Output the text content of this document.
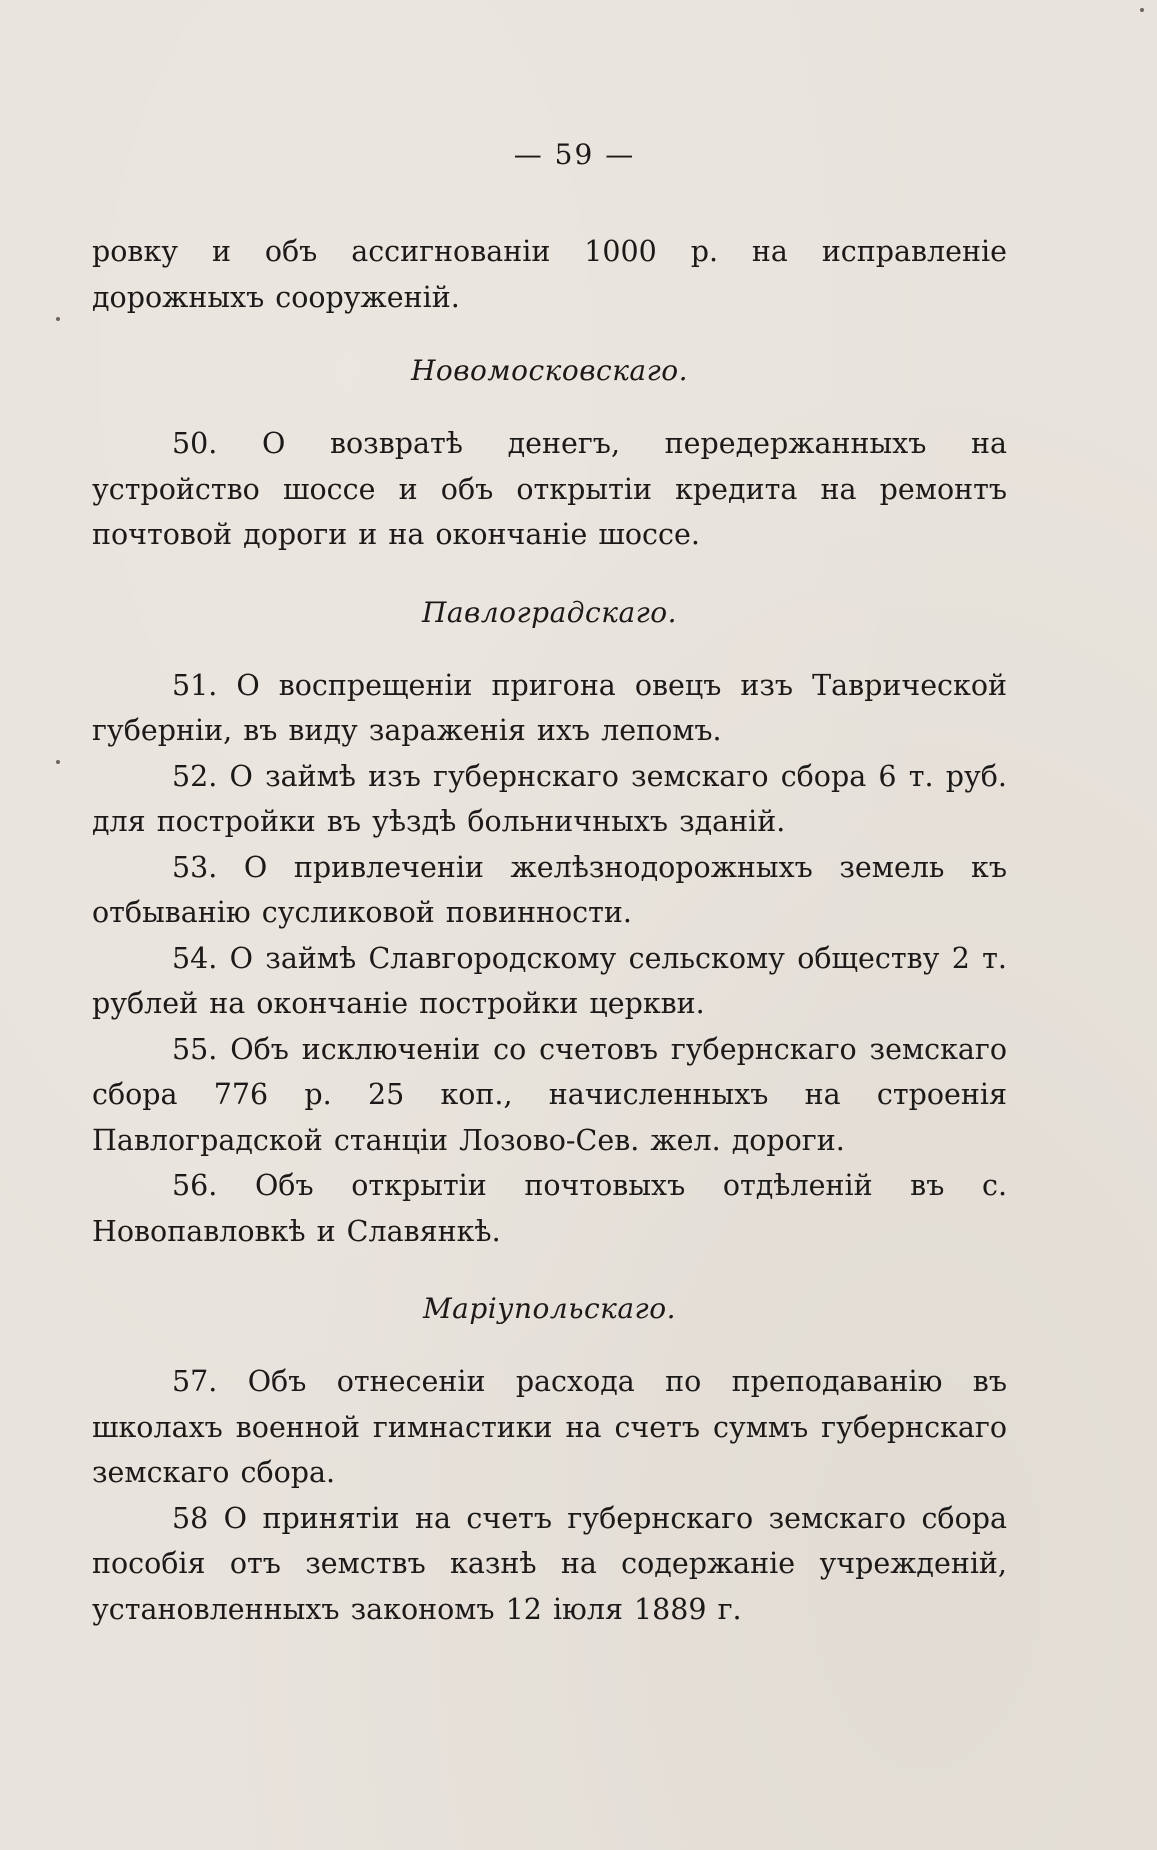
— 59 —

ровку и объ ассигнованіи 1000 р. на исправленіе дорожныхъ сооруженій.

Новомосковскаго.

50. О возвратѣ денегъ, передержанныхъ на устройство шоссе и объ открытіи кредита на ремонтъ почтовой дороги и на окончаніе шоссе.

Павлоградскаго.

51. О воспрещеніи пригона овецъ изъ Таврической губерніи, въ виду зараженія ихъ лепомъ.

52. О займѣ изъ губернскаго земскаго сбора 6 т. руб. для постройки въ уѣздѣ больничныхъ зданій.

53. О привлеченіи желѣзнодорожныхъ земель къ отбыванію сусликовой повинности.

54. О займѣ Славгородскому сельскому обществу 2 т. рублей на окончаніе постройки церкви.

55. Объ исключеніи со счетовъ губернскаго земскаго сбора 776 р. 25 коп., начисленныхъ на строенія Павлоградской станціи Лозово-Сев. жел. дороги.

56. Объ открытіи почтовыхъ отдѣленій въ с. Новопавловкѣ и Славянкѣ.

Маріупольскаго.

57. Объ отнесеніи расхода по преподаванію въ школахъ военной гимнастики на счетъ суммъ губернскаго земскаго сбора.

58 О принятіи на счетъ губернскаго земскаго сбора пособія отъ земствъ казнѣ на содержаніе учрежденій, установленныхъ закономъ 12 іюля 1889 г.
